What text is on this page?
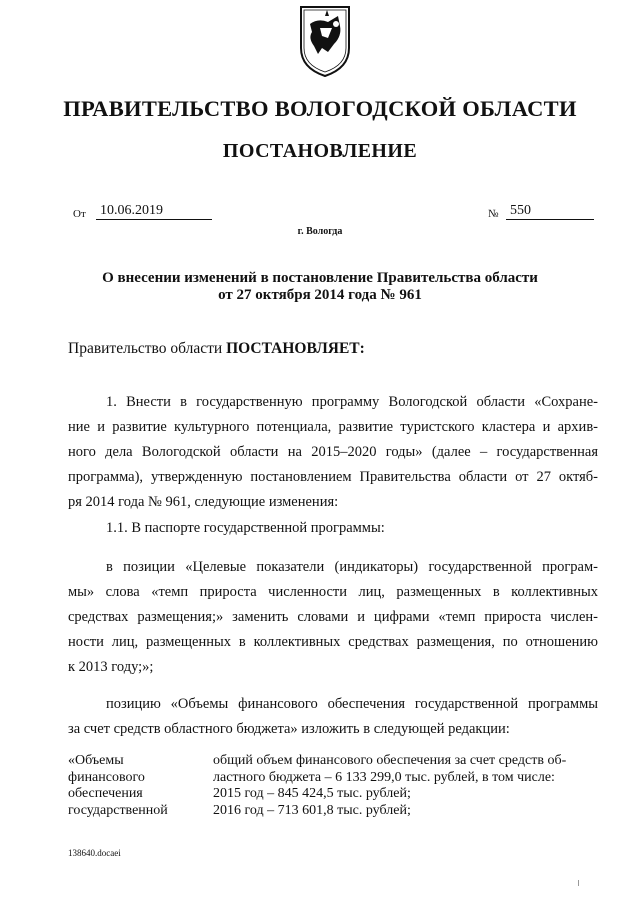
ПРАВИТЕЛЬСТВО ВОЛОГОДСКОЙ ОБЛАСТИ
ПОСТАНОВЛЕНИЕ
От 10.06.2019	№ 550
г. Вологда
О внесении изменений в постановление Правительства области
от 27 октября 2014 года № 961
Правительство области ПОСТАНОВЛЯЕТ:
1. Внести в государственную программу Вологодской области «Сохране-
ние и развитие культурного потенциала, развитие туристского кластера и архив-
ного дела Вологодской области на 2015–2020 годы» (далее – государственная
программа), утвержденную постановлением Правительства области от 27 октяб-
ря 2014 года № 961, следующие изменения:
1.1. В паспорте государственной программы:
в позиции «Целевые показатели (индикаторы) государственной програм-
мы» слова «темп прироста численности лиц, размещенных в коллективных
средствах размещения;» заменить словами и цифрами «темп прироста числен-
ности лиц, размещенных в коллективных средствах размещения, по отношению
к 2013 году;»;
позицию «Объемы финансового обеспечения государственной программы
за счет средств областного бюджета» изложить в следующей редакции:
«Объемы
финансового
обеспечения
государственной
общий объем финансового обеспечения за счет средств об-
ластного бюджета – 6 133 299,0 тыс. рублей, в том числе:
2015 год – 845 424,5 тыс. рублей;
2016 год – 713 601,8 тыс. рублей;
138640.docaei
